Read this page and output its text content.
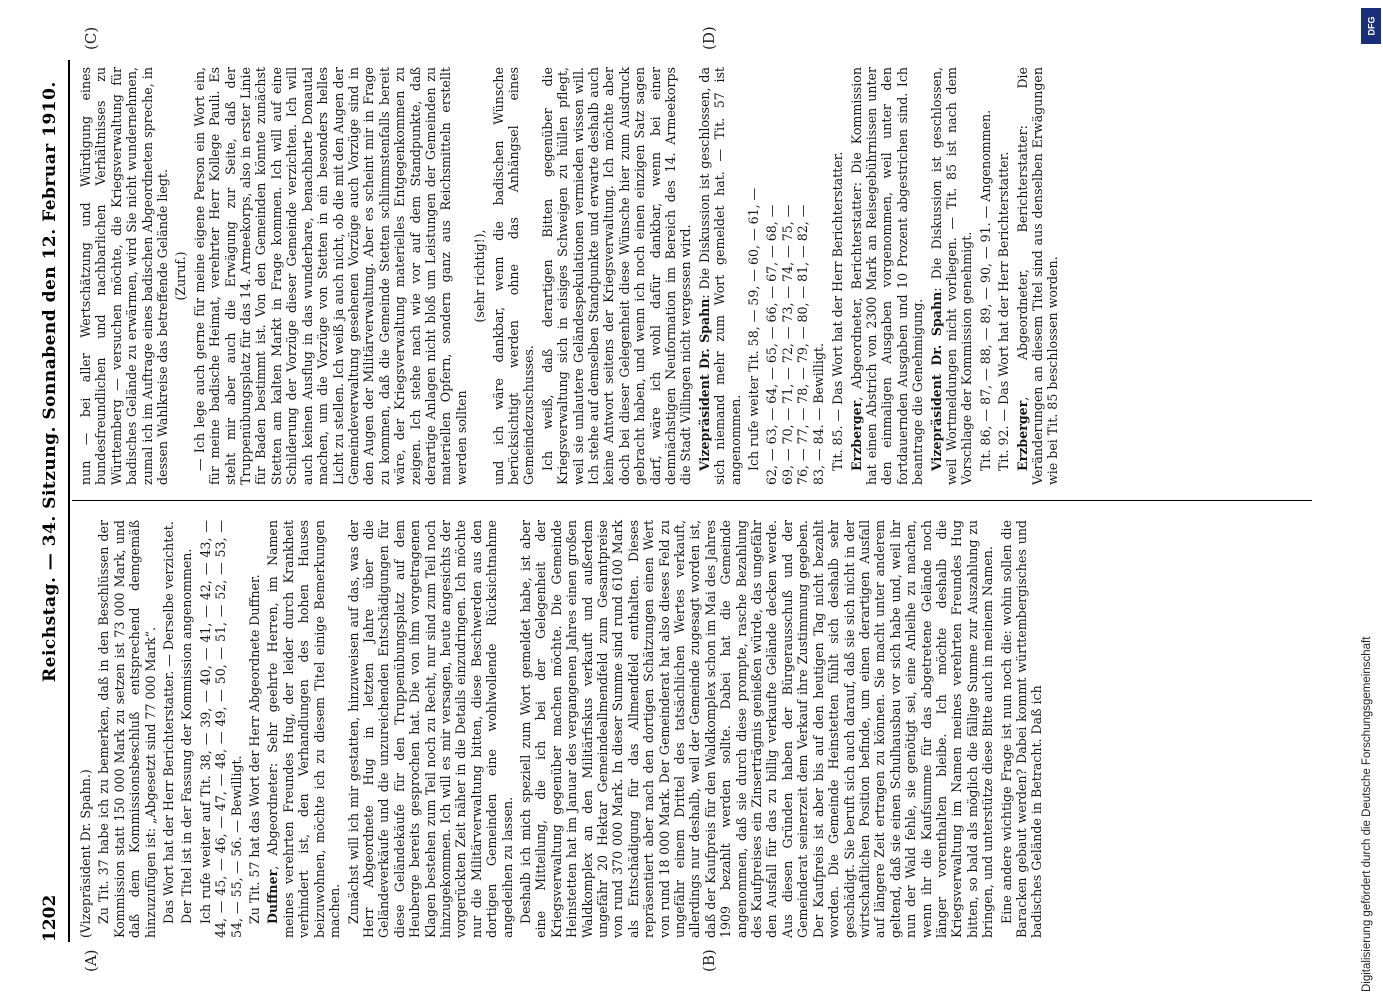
1202
Reichstag. — 34. Sitzung. Sonnabend den 12. Februar 1910.
(A)	(B)
(C)	(D)

(Vizepräsident Dr. Spahn.) Zu Tit. 37 habe ich zu bemerken, daß in den Beschlüssen der Kommission statt 150 000 Mark zu setzen ist 73 000 Mark, und daß dem Kommissionsbeschluß entsprechend demgemäß hinzuzufügen ist: „Abgesetzt sind 77 000 Mark“. Das Wort hat der Herr Berichterstatter. — Derselbe verzichtet. Der Titel ist in der Fassung der Kommission angenommen. Ich rufe weiter auf Tit. 38, — 39, — 40, — 41, — 42, — 43, — 44, — 45, — 46, — 47, — 48, — 49, — 50, — 51, — 52, — 53, — 54, — 55, — 56. — Bewilligt. Zu Tit. 57 hat das Wort der Herr Abgeordnete Duffner. Duffner, Abgeordneter: Sehr geehrte Herren, im Namen meines verehrten Freundes Hug, der leider durch Krankheit verhindert ist, den Verhandlungen des hohen Hauses beizuwohnen, möchte ich zu diesem Titel einige Bemerkungen machen. Zunächst will ich mir gestatten, hinzuweisen auf das, was der Herr Abgeordnete Hug in letzten Jahre über die Geländeverkäufe und die unzureichenden Entschädigungen für diese Geländekäufe für den Truppenübungsplatz auf dem Heuberge bereits gesprochen hat. Die von ihm vorgetragenen Klagen bestehen zum Teil noch zu Recht, nur sind zum Teil noch hinzugekommen. Ich will es mir versagen, heute angesichts der vorgerückten Zeit näher in die Details einzudringen. Ich möchte nur die Militärverwaltung bitten, diese Beschwerden aus den dortigen Gemeinden eine wohlwollende Rücksichtnahme angedeihen zu lassen. Deshalb ich mich speziell zum Wort gemeldet habe, ist aber eine Mitteilung, die ich bei der Gelegenheit der Kriegsverwaltung gegenüber machen möchte. Die Gemeinde Heinstetten hat im Januar des vergangenen Jahres einen großen Waldkomplex an den Militärfiskus verkauft und außerdem ungefähr 20 Hektar Gemeindeallmendfeld zum Gesamtpreise von rund 370 000 Mark. In dieser Summe sind rund 6100 Mark als Entschädigung für das Allmendfeld enthalten. Dieses repräsentiert aber nach den dortigen Schätzungen einen Wert von rund 18 000 Mark. Der Gemeinderat hat also dieses Feld zu ungefähr einem Drittel des tatsächlichen Wertes verkauft, allerdings nur deshalb, weil der Gemeinde zugesagt worden ist, daß der Kaufpreis für den Waldkomplex schon im Mai des Jahres 1909 bezahlt werden sollte. Dabei hat die Gemeinde angenommen, daß sie durch diese prompte, rasche Bezahlung des Kaufpreises ein Zinserträgnis genießen würde, das ungefähr den Ausfall für das zu billig verkaufte Gelände decken werde. Aus diesen Gründen haben der Bürgerausschuß und der Gemeinderat seinerzeit dem Verkauf ihre Zustimmung gegeben. Der Kaufpreis ist aber bis auf den heutigen Tag nicht bezahlt worden. Die Gemeinde Heinstetten fühlt sich deshalb sehr geschädigt. Sie beruft sich auch darauf, daß sie sich nicht in der wirtschaftlichen Position befinde, um einen derartigen Ausfall auf längere Zeit ertragen zu können. Sie macht unter anderem geltend, daß sie einen Schulhausbau vor sich habe und, weil ihr nun der Wald fehle, sie genötigt sei, eine Anleihe zu machen, wenn ihr die Kaufsumme für das abgetretene Gelände noch länger vorenthalten bleibe. Ich möchte deshalb die Kriegsverwaltung im Namen meines verehrten Freundes Hug bitten, so bald als möglich die fällige Summe zur Auszahlung zu bringen, und unterstütze diese Bitte auch in meinem Namen. Eine andere wichtige Frage ist nun noch die: wohin sollen die Baracken gebaut werden? Dabei kommt württembergisches und badisches Gelände in Betracht. Daß ich

nun — bei aller Wertschätzung und Würdigung eines bundesfreundlichen und nachbarlichen Verhältnisses zu Württemberg — versuchen möchte, die Kriegsverwaltung für badisches Gelände zu erwärmen, wird Sie nicht wundernehmen, zumal ich im Auftrage eines badischen Abgeordneten spreche, in dessen Wahlkreise das betreffende Gelände liegt. (Zuruf.) — Ich lege auch gerne für meine eigene Person ein Wort ein, für meine badische Heimat, verehrter Herr Kollege Pauli. Es steht mir aber auch die Erwägung zur Seite, daß der Truppenübungsplatz für das 14. Armeekorps, also in erster Linie für Baden bestimmt ist. Von den Gemeinden könnte zunächst Stetten am kalten Markt in Frage kommen. Ich will auf eine Schilderung der Vorzüge dieser Gemeinde verzichten. Ich will auch keinen Ausflug in das wunderbare, benachbarte Donautal machen, um die Vorzüge von Stetten in ein besonders helles Licht zu stellen. Ich weiß ja auch nicht, ob die mit den Augen der Gemeindeverwaltung gesehenen Vorzüge auch Vorzüge sind in den Augen der Militärverwaltung. Aber es scheint mir in Frage zu kommen, daß die Gemeinde Stetten schlimmstenfalls bereit wäre, der Kriegsverwaltung materielles Entgegenkommen zu zeigen. Ich stehe nach wie vor auf dem Standpunkte, daß derartige Anlagen nicht bloß um Leistungen der Gemeinden zu materiellen Opfern, sondern ganz aus Reichsmitteln erstellt werden sollten

(sehr richtig!), und ich wäre dankbar, wenn die badischen Wünsche berücksichtigt werden ohne das Anhängsel eines Gemeindezuschusses. Ich weiß, daß derartigen Bitten gegenüber die Kriegsverwaltung sich in eisiges Schweigen zu hüllen pflegt, weil sie unlautere Geländespekulationen vermieden wissen will. Ich stehe auf demselben Standpunkte und erwarte deshalb auch keine Antwort seitens der Kriegsverwaltung. Ich möchte aber doch bei dieser Gelegenheit diese Wünsche hier zum Ausdruck gebracht haben, und wenn ich noch einen einzigen Satz sagen darf, wäre ich wohl dafür dankbar, wenn bei einer demnächstigen Neuformation im Bereich des 14. Armeekorps die Stadt Villingen nicht vergessen wird. Vizepräsident Dr. Spahn: Die Diskussion ist geschlossen, da sich niemand mehr zum Wort gemeldet hat. — Tit. 57 ist angenommen. Ich rufe weiter Tit. 58, — 59, — 60, — 61, —

62, — 63, — 64, — 65, — 66, — 67, — 68, —
69, — 70, — 71, — 72, — 73, — 74, — 75, —
76, — 77, — 78, — 79, — 80, — 81, — 82, —
83, — 84. — Bewilligt. Tit. 85. — Das Wort hat der Herr Berichterstatter. Erzberger, Abgeordneter, Berichterstatter: Die Kommission hat einen Abstrich von 2300 Mark an Reisegebührnissen unter den einmaligen Ausgaben vorgenommen, weil unter den fortdauernden Ausgaben und 10 Prozent abgestrichen sind. Ich beantrage die Genehmigung. Vizepräsident Dr. Spahn: Die Diskussion ist geschlossen, weil Wortmeldungen nicht vorliegen. — Tit. 85 ist nach dem Vorschlage der Kommission genehmigt. Tit. 86, — 87, — 88, — 89, — 90, — 91. — Angenommen. Tit. 92. — Das Wort hat der Herr Berichterstatter. Erzberger, Abgeordneter, Berichterstatter: Die Veränderungen an diesem Titel sind aus denselben Erwägungen wie bei Tit. 85 beschlossen worden.

Digitalisierung gefördert durch die Deutsche Forschungsgemeinschaft
DFG
